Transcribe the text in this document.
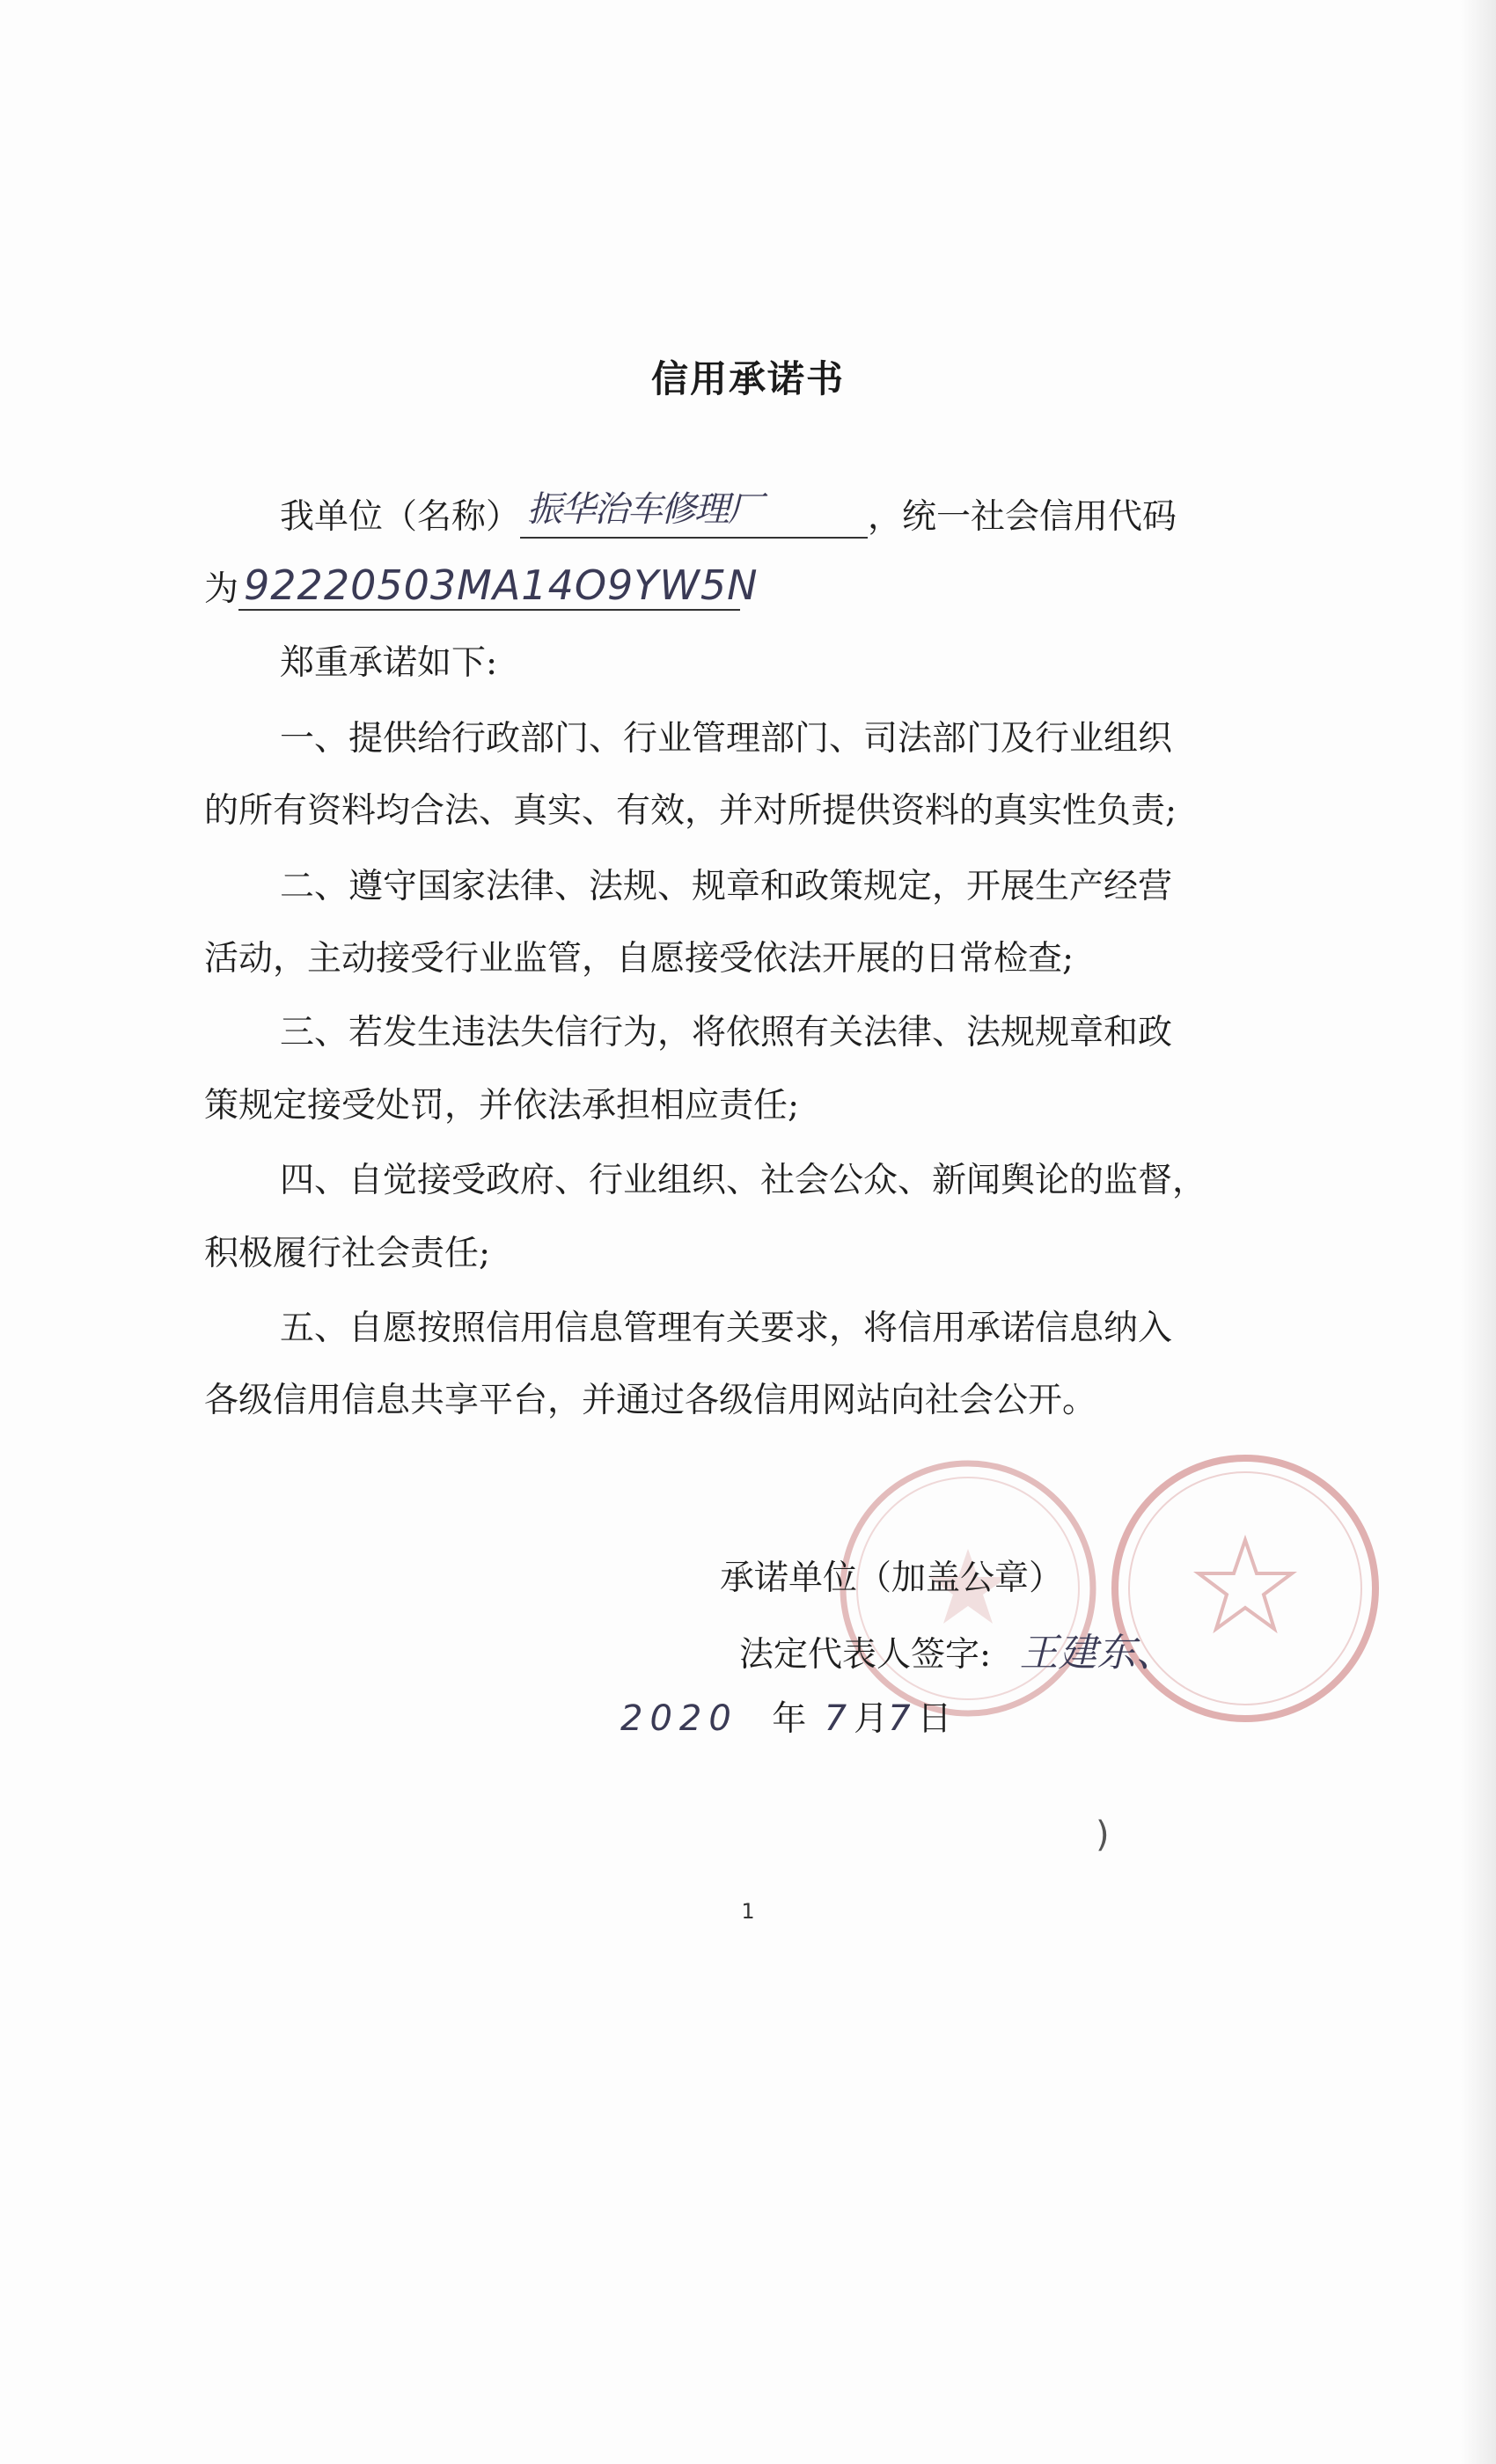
信用承诺书
我单位（名称） 振华治车修理厂	，统一社会信用代码
为 92220503MA14O9YW5N
郑重承诺如下:
一、提供给行政部门、行业管理部门、司法部门及行业组织
的所有资料均合法、真实、有效，并对所提供资料的真实性负责;
二、遵守国家法律、法规、规章和政策规定，开展生产经营
活动，主动接受行业监管，自愿接受依法开展的日常检查;
三、若发生违法失信行为，将依照有关法律、法规规章和政
策规定接受处罚，并依法承担相应责任;
四、自觉接受政府、行业组织、社会公众、新闻舆论的监督，
积极履行社会责任;
五、自愿按照信用信息管理有关要求，将信用承诺信息纳入
各级信用信息共享平台，并通过各级信用网站向社会公开。
承诺单位（加盖公章）
法定代表人签字: 王建东、
2020 年 7月7日
)
1
